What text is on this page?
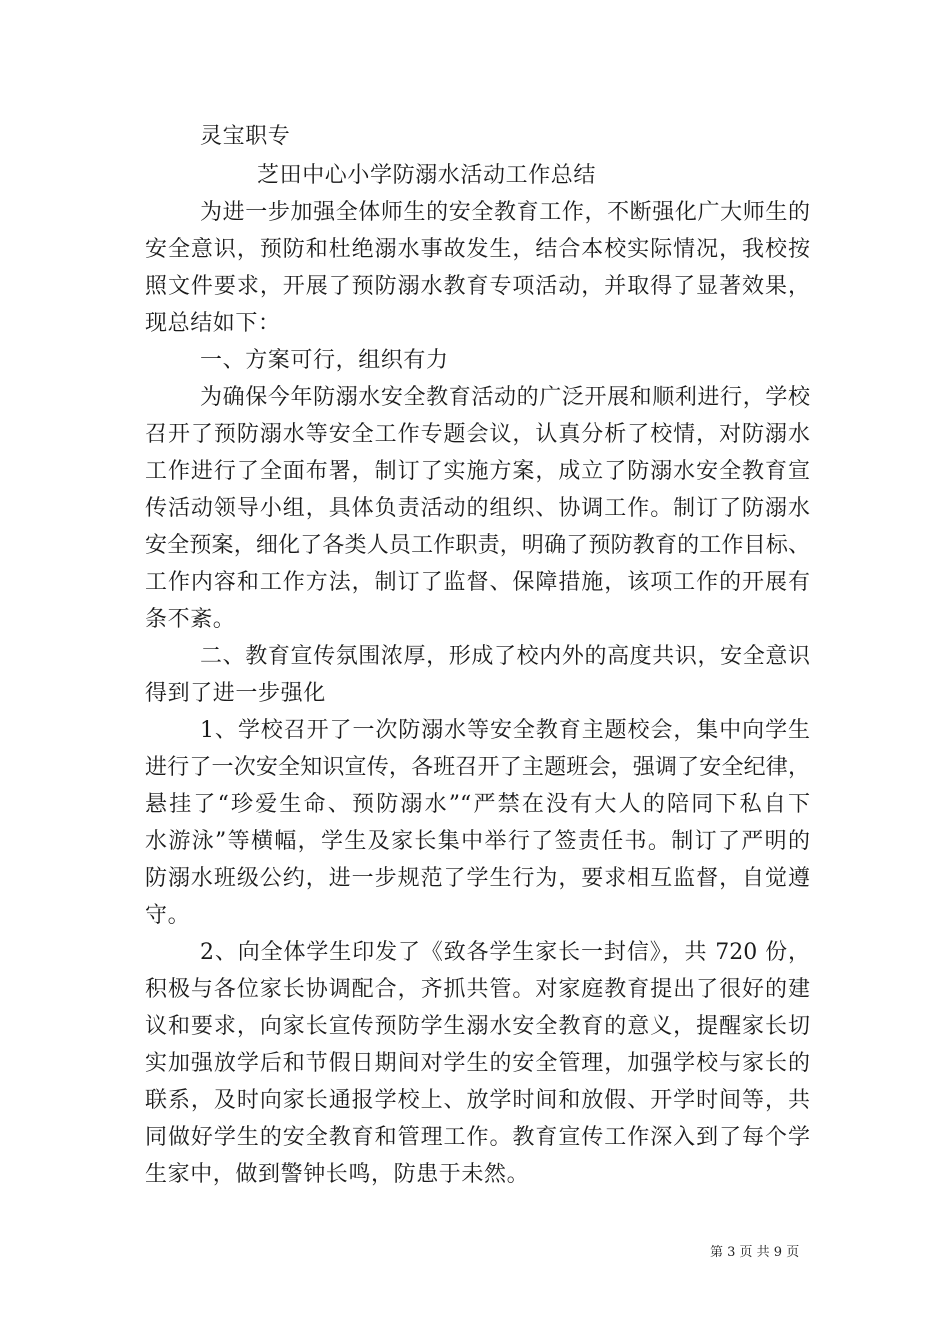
灵宝职专
芝田中心小学防溺水活动工作总结
为进一步加强全体师生的安全教育工作，不断强化广大师生的
安全意识，预防和杜绝溺水事故发生，结合本校实际情况，我校按
照文件要求，开展了预防溺水教育专项活动，并取得了显著效果，
现总结如下：
一、方案可行，组织有力
为确保今年防溺水安全教育活动的广泛开展和顺利进行，学校
召开了预防溺水等安全工作专题会议，认真分析了校情，对防溺水
工作进行了全面布署，制订了实施方案，成立了防溺水安全教育宣
传活动领导小组，具体负责活动的组织、协调工作。制订了防溺水
安全预案，细化了各类人员工作职责，明确了预防教育的工作目标、
工作内容和工作方法，制订了监督、保障措施，该项工作的开展有
条不紊。
二、教育宣传氛围浓厚，形成了校内外的高度共识，安全意识
得到了进一步强化
1、学校召开了一次防溺水等安全教育主题校会，集中向学生
进行了一次安全知识宣传，各班召开了主题班会，强调了安全纪律，
悬挂了“珍爱生命、预防溺水”“严禁在没有大人的陪同下私自下
水游泳”等横幅，学生及家长集中举行了签责任书。制订了严明的
防溺水班级公约，进一步规范了学生行为，要求相互监督，自觉遵
守。
2、向全体学生印发了《致各学生家长一封信》，共 720 份，
积极与各位家长协调配合，齐抓共管。对家庭教育提出了很好的建
议和要求，向家长宣传预防学生溺水安全教育的意义，提醒家长切
实加强放学后和节假日期间对学生的安全管理，加强学校与家长的
联系，及时向家长通报学校上、放学时间和放假、开学时间等，共
同做好学生的安全教育和管理工作。教育宣传工作深入到了每个学
生家中，做到警钟长鸣，防患于未然。
第 3 页 共 9 页
